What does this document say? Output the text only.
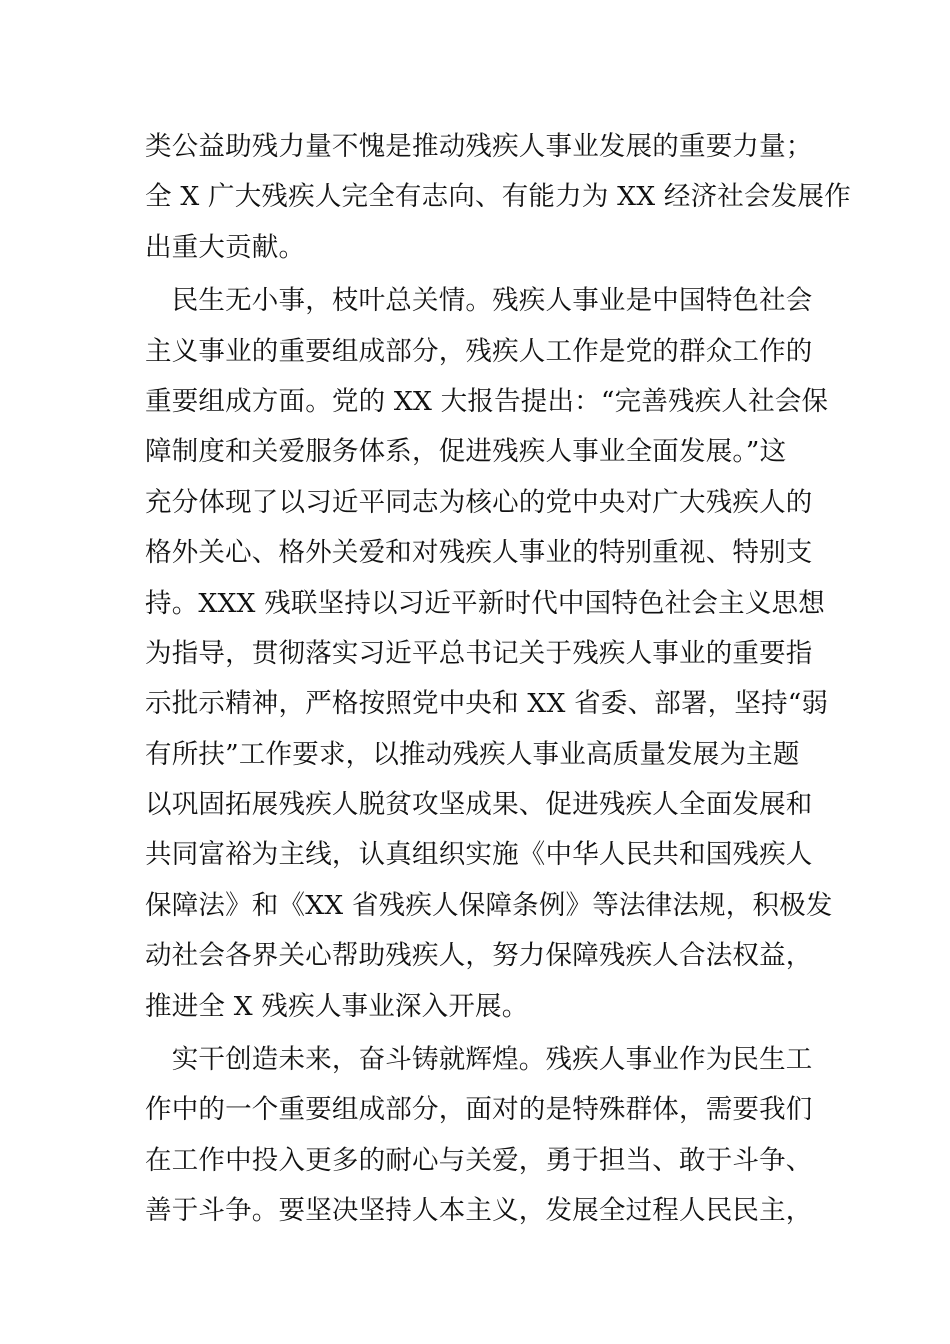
类公益助残力量不愧是推动残疾人事业发展的重要力量；
全 X 广大残疾人完全有志向、有能力为 XX 经济社会发展作
出重大贡献。
　民生无小事，枝叶总关情。残疾人事业是中国特色社会
主义事业的重要组成部分，残疾人工作是党的群众工作的
重要组成方面。党的 XX 大报告提出：“完善残疾人社会保
障制度和关爱服务体系，促进残疾人事业全面发展。”这
充分体现了以习近平同志为核心的党中央对广大残疾人的
格外关心、格外关爱和对残疾人事业的特别重视、特别支
持。XXX 残联坚持以习近平新时代中国特色社会主义思想
为指导，贯彻落实习近平总书记关于残疾人事业的重要指
示批示精神，严格按照党中央和 XX 省委、部署，坚持“弱
有所扶”工作要求，以推动残疾人事业高质量发展为主题
以巩固拓展残疾人脱贫攻坚成果、促进残疾人全面发展和
共同富裕为主线，认真组织实施《中华人民共和国残疾人
保障法》和《XX 省残疾人保障条例》等法律法规，积极发
动社会各界关心帮助残疾人，努力保障残疾人合法权益，
推进全 X 残疾人事业深入开展。
　实干创造未来，奋斗铸就辉煌。残疾人事业作为民生工
作中的一个重要组成部分，面对的是特殊群体，需要我们
在工作中投入更多的耐心与关爱，勇于担当、敢于斗争、
善于斗争。要坚决坚持人本主义，发展全过程人民民主，
